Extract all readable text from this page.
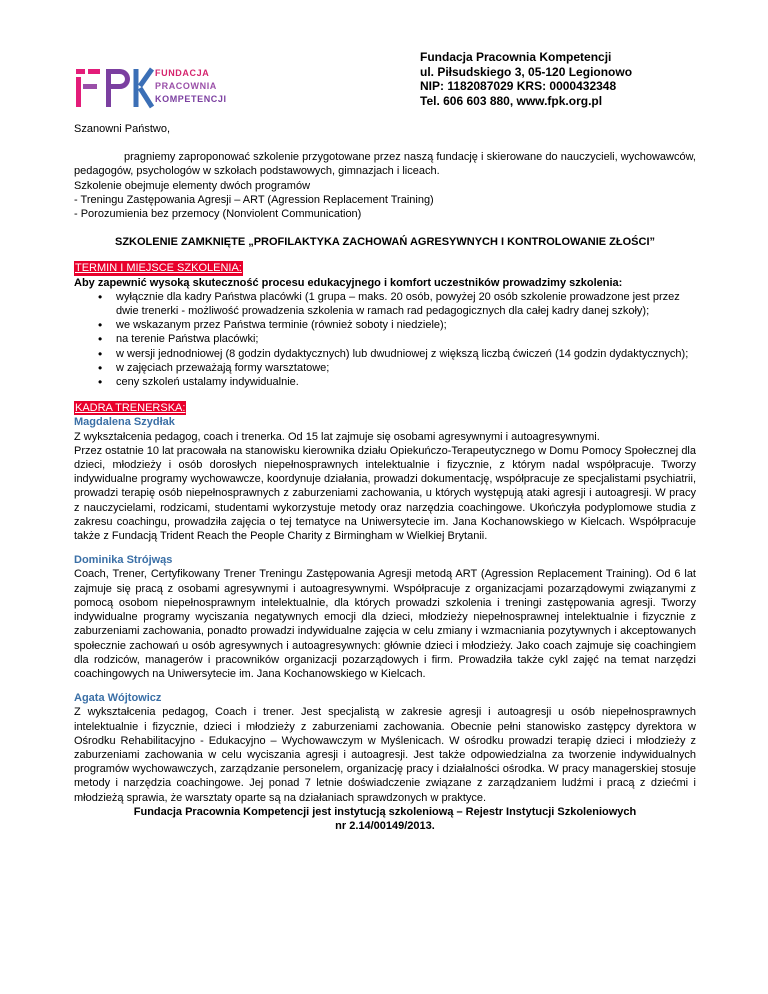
FUNDACJA
PRACOWNIA
KOMPETENCJI
Fundacja Pracownia Kompetencji
ul. Piłsudskiego 3, 05-120 Legionowo
NIP: 1182087029 KRS: 0000432348
Tel. 606 603 880, www.fpk.org.pl

Szanowni Państwo,

pragniemy zaproponować szkolenie przygotowane przez naszą fundację i skierowane do nauczycieli, wychowawców, pedagogów, psychologów w szkołach podstawowych, gimnazjach i liceach.

Szkolenie obejmuje elementy dwóch programów

- Treningu Zastępowania Agresji – ART (Agression Replacement Training)

- Porozumienia bez przemocy (Nonviolent Communication)

SZKOLENIE ZAMKNIĘTE „PROFILAKTYKA ZACHOWAŃ AGRESYWNYCH I KONTROLOWANIE ZŁOŚCI”

TERMIN I MIEJSCE SZKOLENIA:

Aby zapewnić wysoką skuteczność procesu edukacyjnego i komfort uczestników prowadzimy szkolenia:

• wyłącznie dla kadry Państwa placówki (1 grupa – maks. 20 osób, powyżej 20 osób szkolenie prowadzone jest przez dwie trenerki - możliwość prowadzenia szkolenia w ramach rad pedagogicznych dla całej kadry danej szkoły);
• we wskazanym przez Państwa terminie (również soboty i niedziele);
• na terenie Państwa placówki;
• w wersji jednodniowej (8 godzin dydaktycznych) lub dwudniowej z większą liczbą ćwiczeń (14 godzin dydaktycznych);
• w zajęciach przeważają formy warsztatowe;
• ceny szkoleń ustalamy indywidualnie.

KADRA TRENERSKA:

Magdalena Szydłak

Z wykształcenia pedagog, coach i trenerka. Od 15 lat zajmuje się osobami agresywnymi i autoagresywnymi.

Przez ostatnie 10 lat pracowała na stanowisku kierownika działu Opiekuńczo-Terapeutycznego w Domu Pomocy Społecznej dla dzieci, młodzieży i osób dorosłych niepełnosprawnych intelektualnie i fizycznie, z którym nadal współpracuje. Tworzy indywidualne programy wychowawcze, koordynuje działania, prowadzi dokumentację, współpracuje ze specjalistami psychiatrii, prowadzi terapię osób niepełnosprawnych z zaburzeniami zachowania, u których występują ataki agresji i autoagresji. W pracy z nauczycielami, rodzicami, studentami wykorzystuje metody oraz narzędzia coachingowe. Ukończyła podyplomowe studia z zakresu coachingu, prowadziła zajęcia o tej tematyce na Uniwersytecie im. Jana Kochanowskiego w Kielcach. Współpracuje także z Fundacją Trident Reach the People Charity z Birmingham w Wielkiej Brytanii.

Dominika Strójwąs

Coach, Trener, Certyfikowany Trener Treningu Zastępowania Agresji metodą ART (Agression Replacement Training). Od 6 lat zajmuje się pracą z osobami agresywnymi i autoagresywnymi. Współpracuje z organizacjami pozarządowymi związanymi z pomocą osobom niepełnosprawnym intelektualnie, dla których prowadzi szkolenia i treningi zastępowania agresji. Tworzy indywidualne programy wyciszania negatywnych emocji dla dzieci, młodzieży niepełnosprawnej intelektualnie i fizycznie z zaburzeniami zachowania, ponadto prowadzi indywidualne zajęcia w celu zmiany i wzmacniania pozytywnych i akceptowanych społecznie zachowań u osób agresywnych i autoagresywnych: głównie dzieci i młodzieży. Jako coach zajmuje się coachingiem dla rodziców, managerów i pracowników organizacji pozarządowych i firm. Prowadziła także cykl zajęć na temat narzędzi coachingowych na Uniwersytecie im. Jana Kochanowskiego w Kielcach.

Agata Wójtowicz

Z wykształcenia pedagog, Coach i trener. Jest specjalistą w zakresie agresji i autoagresji u osób niepełnosprawnych intelektualnie i fizycznie, dzieci i młodzieży z zaburzeniami zachowania. Obecnie pełni stanowisko zastępcy dyrektora w Ośrodku Rehabilitacyjno - Edukacyjno – Wychowawczym w Myślenicach. W ośrodku prowadzi terapię dzieci i młodzieży z zaburzeniami zachowania w celu wyciszania agresji i autoagresji. Jest także odpowiedzialna za tworzenie indywidualnych programów wychowawczych, zarządzanie personelem, organizację pracy i działalności ośrodka. W pracy managerskiej stosuje metody i narzędzia coachingowe. Jej ponad 7 letnie doświadczenie związane z zarządzaniem ludźmi i pracą z dziećmi i młodzieżą sprawia, że warsztaty oparte są na działaniach sprawdzonych w praktyce.

Fundacja Pracownia Kompetencji jest instytucją szkoleniową – Rejestr Instytucji Szkoleniowych

nr 2.14/00149/2013.
